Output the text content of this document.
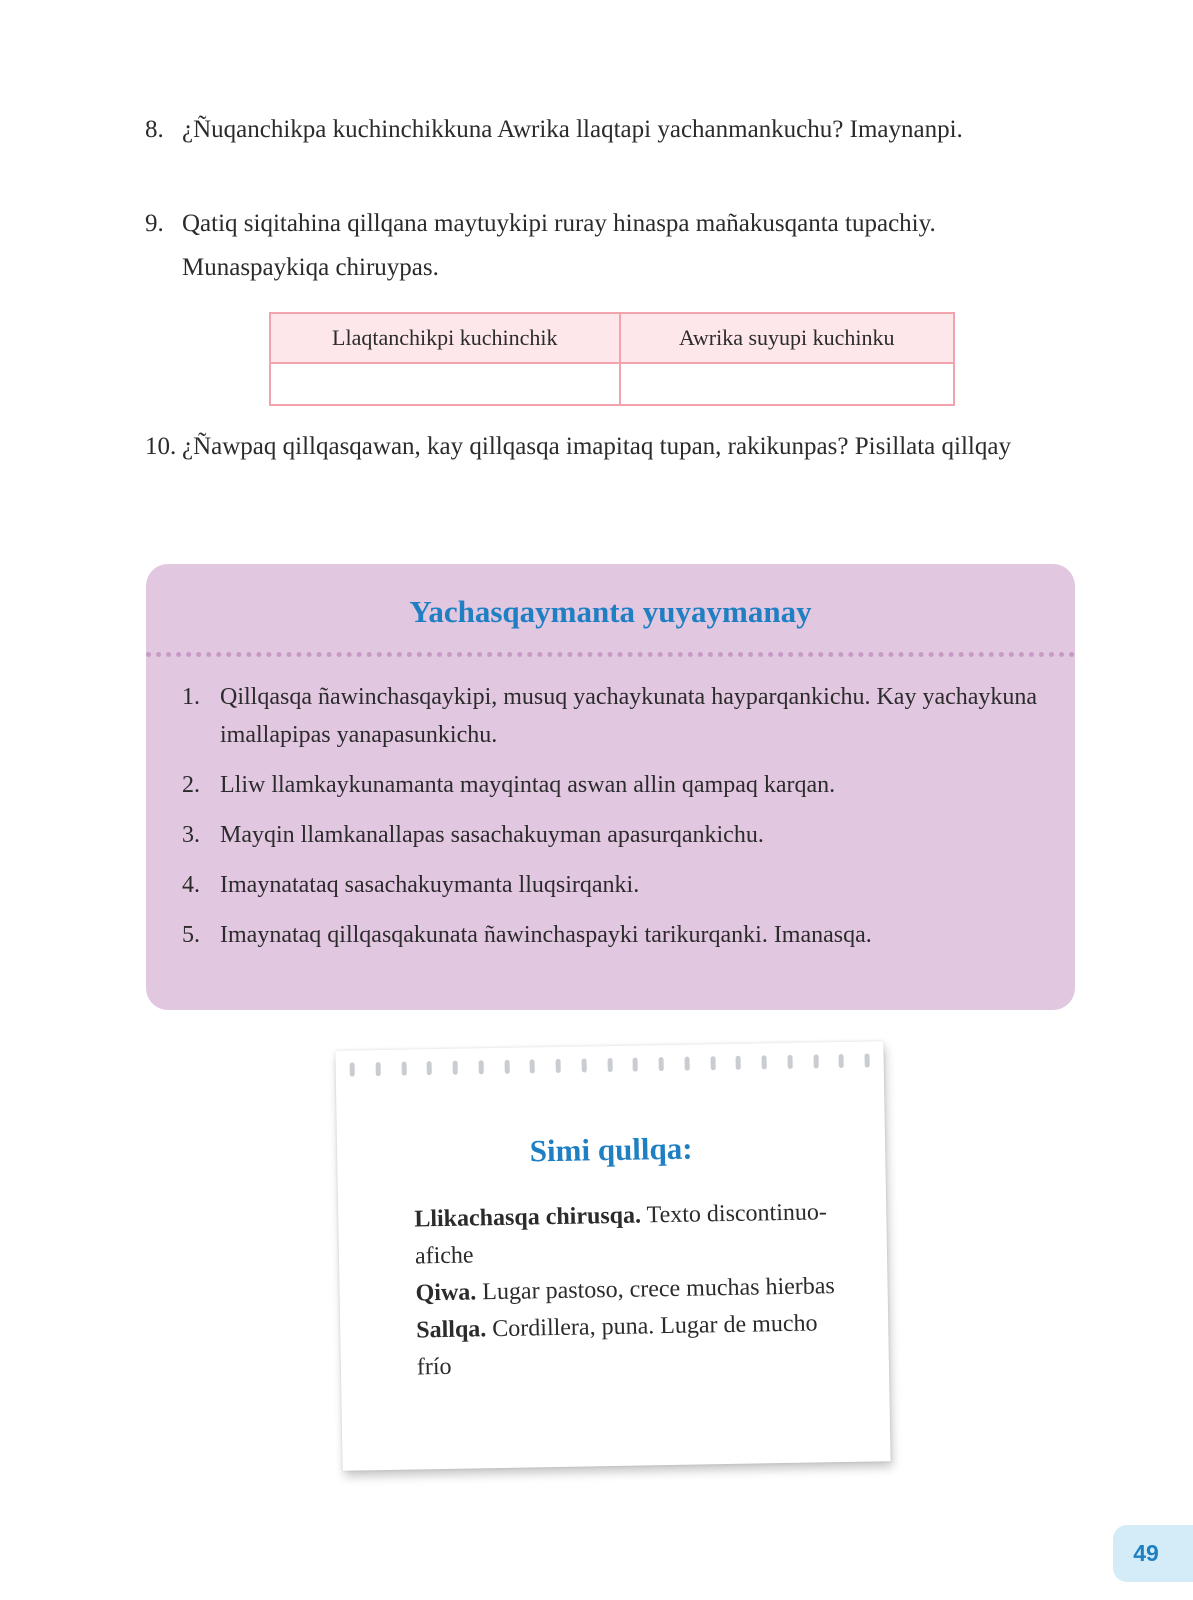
8. ¿Ñuqanchikpa kuchinchikkuna Awrika llaqtapi yachanmankuchu? Imaynanpi.
9. Qatiq siqitahina qillqana maytuykipi ruray hinaspa mañakusqanta tupachiy. Munaspaykiqa chiruypas.
Llaqtanchikpi kuchinchik	Awrika suyupi kuchinku

10. ¿Ñawpaq qillqasqawan, kay qillqasqa imapitaq tupan, rakikunpas? Pisillata qillqay
Yachasqaymanta yuyaymanay
1. Qillqasqa ñawinchasqaykipi, musuq yachaykunata hayparqankichu. Kay yachaykuna imallapipas yanapasunkichu.
2. Lliw llamkaykunamanta mayqintaq aswan allin qampaq karqan.
3. Mayqin llamkanallapas sasachakuyman apasurqankichu.
4. Imaynatataq sasachakuymanta lluqsirqanki.
5. Imaynataq qillqasqakunata ñawinchaspayki tarikurqanki. Imanasqa.
Simi qullqa:
Llikachasqa chirusqa. Texto discontinuo-afiche
Qiwa. Lugar pastoso, crece muchas hierbas
Sallqa. Cordillera, puna. Lugar de mucho frío
49
